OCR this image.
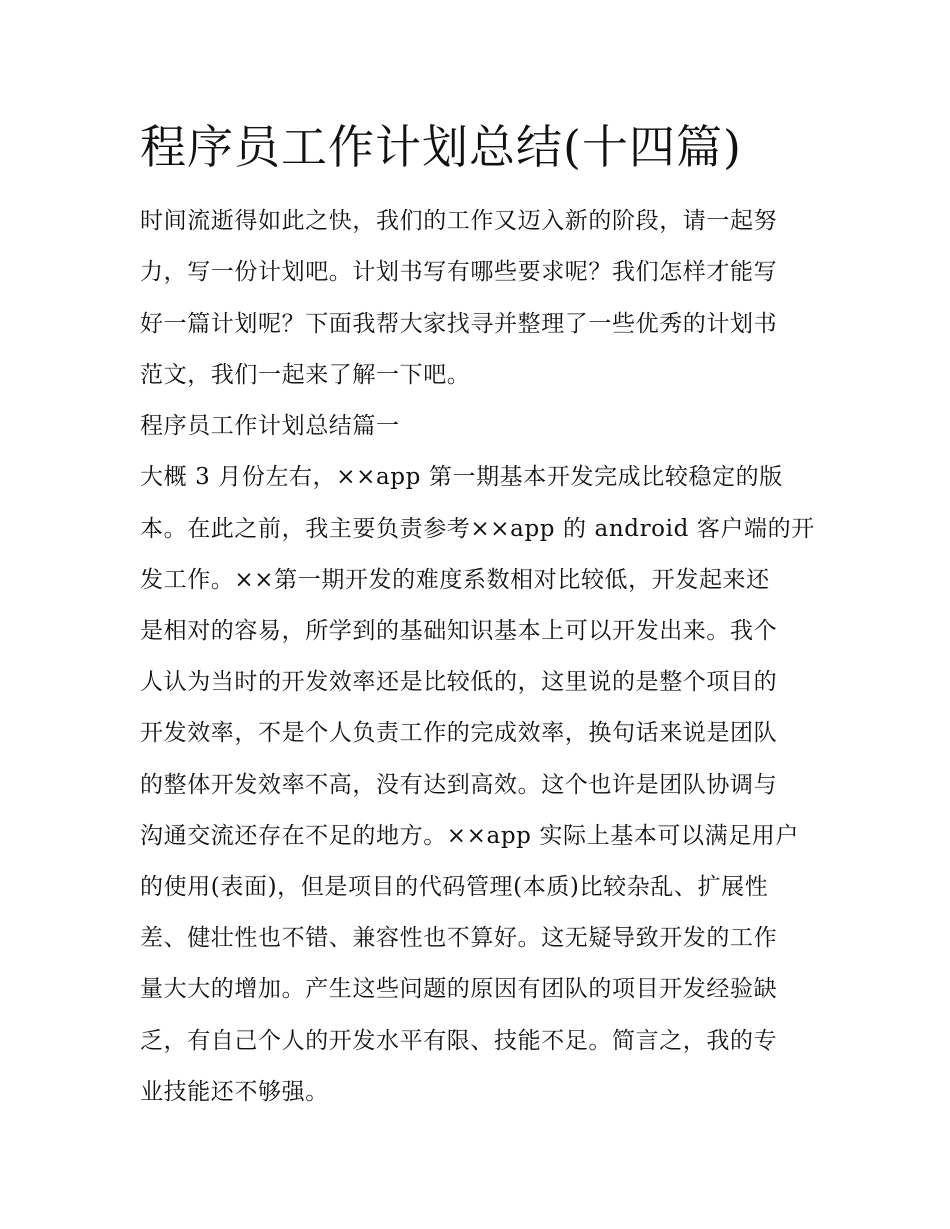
程序员工作计划总结(十四篇)

时间流逝得如此之快，我们的工作又迈入新的阶段，请一起努

力，写一份计划吧。计划书写有哪些要求呢？我们怎样才能写

好一篇计划呢？下面我帮大家找寻并整理了一些优秀的计划书

范文，我们一起来了解一下吧。

程序员工作计划总结篇一

大概 3 月份左右，××app 第一期基本开发完成比较稳定的版

本。在此之前，我主要负责参考××app 的 android 客户端的开

发工作。××第一期开发的难度系数相对比较低，开发起来还

是相对的容易，所学到的基础知识基本上可以开发出来。我个

人认为当时的开发效率还是比较低的，这里说的是整个项目的

开发效率，不是个人负责工作的完成效率，换句话来说是团队

的整体开发效率不高，没有达到高效。这个也许是团队协调与

沟通交流还存在不足的地方。××app 实际上基本可以满足用户

的使用(表面)，但是项目的代码管理(本质)比较杂乱、扩展性

差、健壮性也不错、兼容性也不算好。这无疑导致开发的工作

量大大的增加。产生这些问题的原因有团队的项目开发经验缺

乏，有自己个人的开发水平有限、技能不足。简言之，我的专

业技能还不够强。
